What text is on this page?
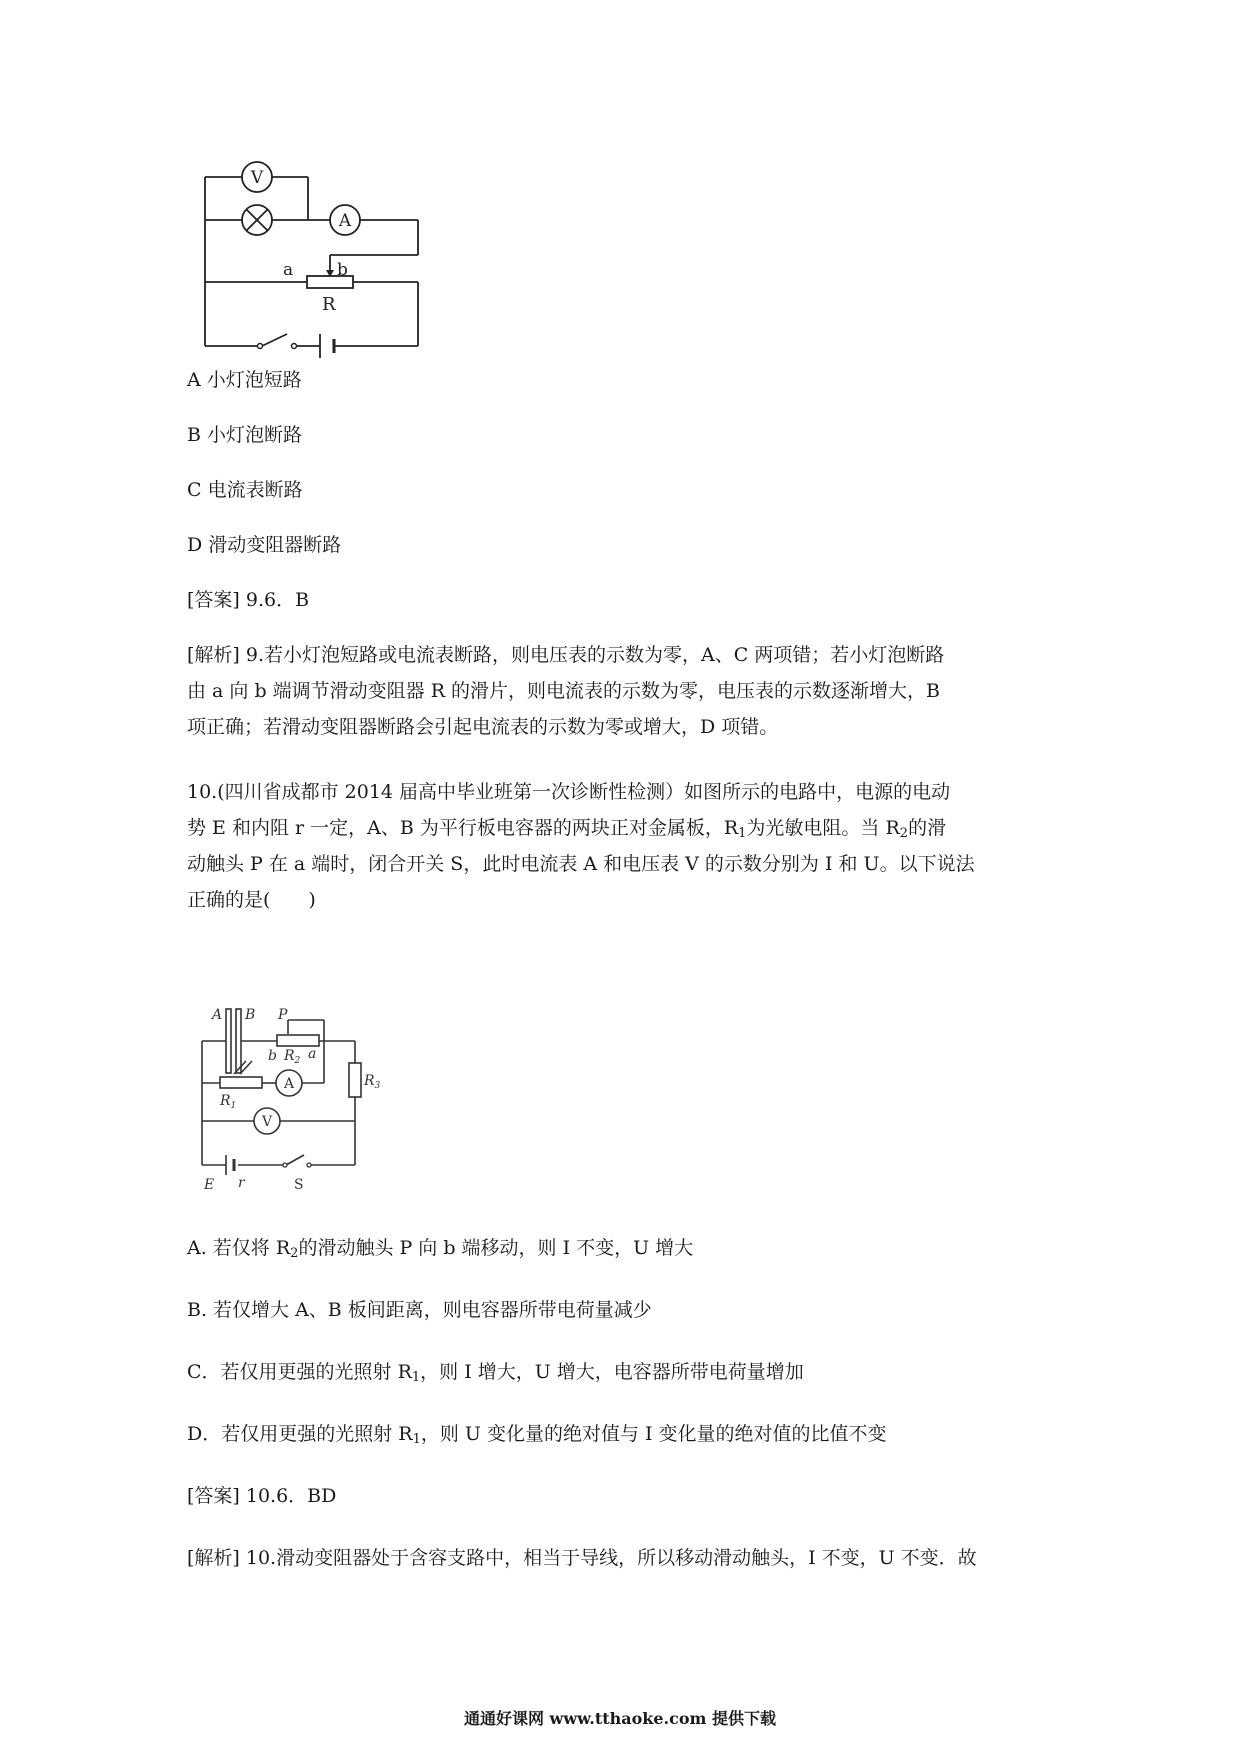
V
A
a	b
R

A 小灯泡短路

B 小灯泡断路

C 电流表断路

D 滑动变阻器断路

[答案] 9.6．B

[解析] 9.若小灯泡短路或电流表断路，则电压表的示数为零，A、C 两项错；若小灯泡断路
由 a 向 b 端调节滑动变阻器 R 的滑片，则电流表的示数为零，电压表的示数逐渐增大，B
项正确；若滑动变阻器断路会引起电流表的示数为零或增大，D 项错。
10.(四川省成都市 2014 届高中毕业班第一次诊断性检测）如图所示的电路中，电源的电动
势 E 和内阻 r 一定，A、B 为平行板电容器的两块正对金属板，$R_1$为光敏电阻。当 $R_2$的滑
动触头 P 在 a 端时，闭合开关 S，此时电流表 A 和电压表 V 的示数分别为 I 和 U。以下说法
正确的是(　　)
A
V
A B P
b $R_2$ a
$R_3$
$R_1$
E r	S

A. 若仅将 $R_2$的滑动触头 P 向 b 端移动，则 I 不变，U 增大

B. 若仅增大 A、B 板间距离，则电容器所带电荷量减少

C．若仅用更强的光照射 $R_1$，则 I 增大，U 增大，电容器所带电荷量增加

D．若仅用更强的光照射 $R_1$，则 U 变化量的绝对值与 I 变化量的绝对值的比值不变

[答案] 10.6．BD

[解析] 10.滑动变阻器处于含容支路中，相当于导线，所以移动滑动触头，I 不变，U 不变．故

通通好课网 www.tthaoke.com 提供下载
